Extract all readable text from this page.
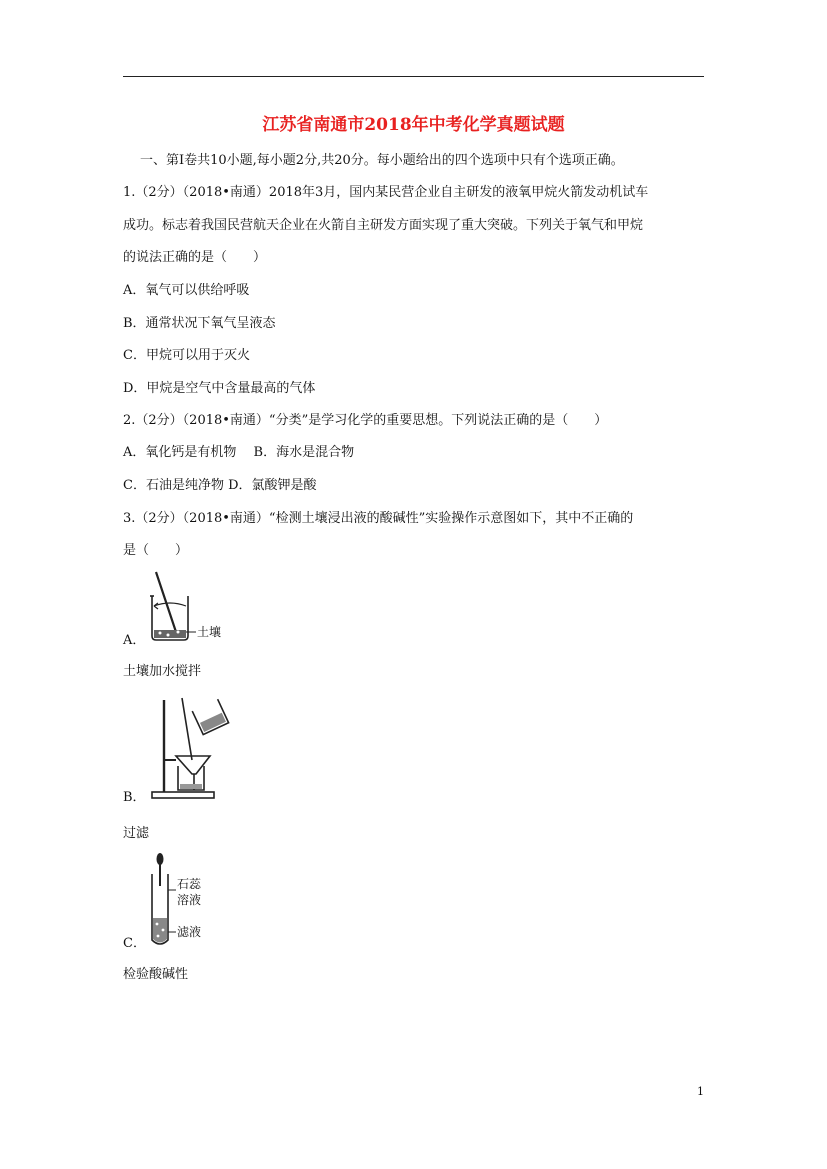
江苏省南通市2018年中考化学真题试题
一、第Ⅰ卷共10小题,每小题2分,共20分。每小题给出的四个选项中只有个选项正确。
1.（2分）（2018•南通）2018年3月，国内某民营企业自主研发的液氧甲烷火箭发动机试车
成功。标志着我国民营航天企业在火箭自主研发方面实现了重大突破。下列关于氧气和甲烷
的说法正确的是（　　）
A．氧气可以供给呼吸
B．通常状况下氧气呈液态
C．甲烷可以用于灭火
D．甲烷是空气中含量最高的气体
2.（2分）（2018•南通）“分类”是学习化学的重要思想。下列说法正确的是（　　）
A．氧化钙是有机物　 B．海水是混合物
C．石油是纯净物 D．氯酸钾是酸
3.（2分）（2018•南通）“检测土壤浸出液的酸碱性”实验操作示意图如下，其中不正确的
是（　　）
土壤
A．
土壤加水搅拌
B．
过滤
石蕊
溶液
滤液
C．
检验酸碱性
1
